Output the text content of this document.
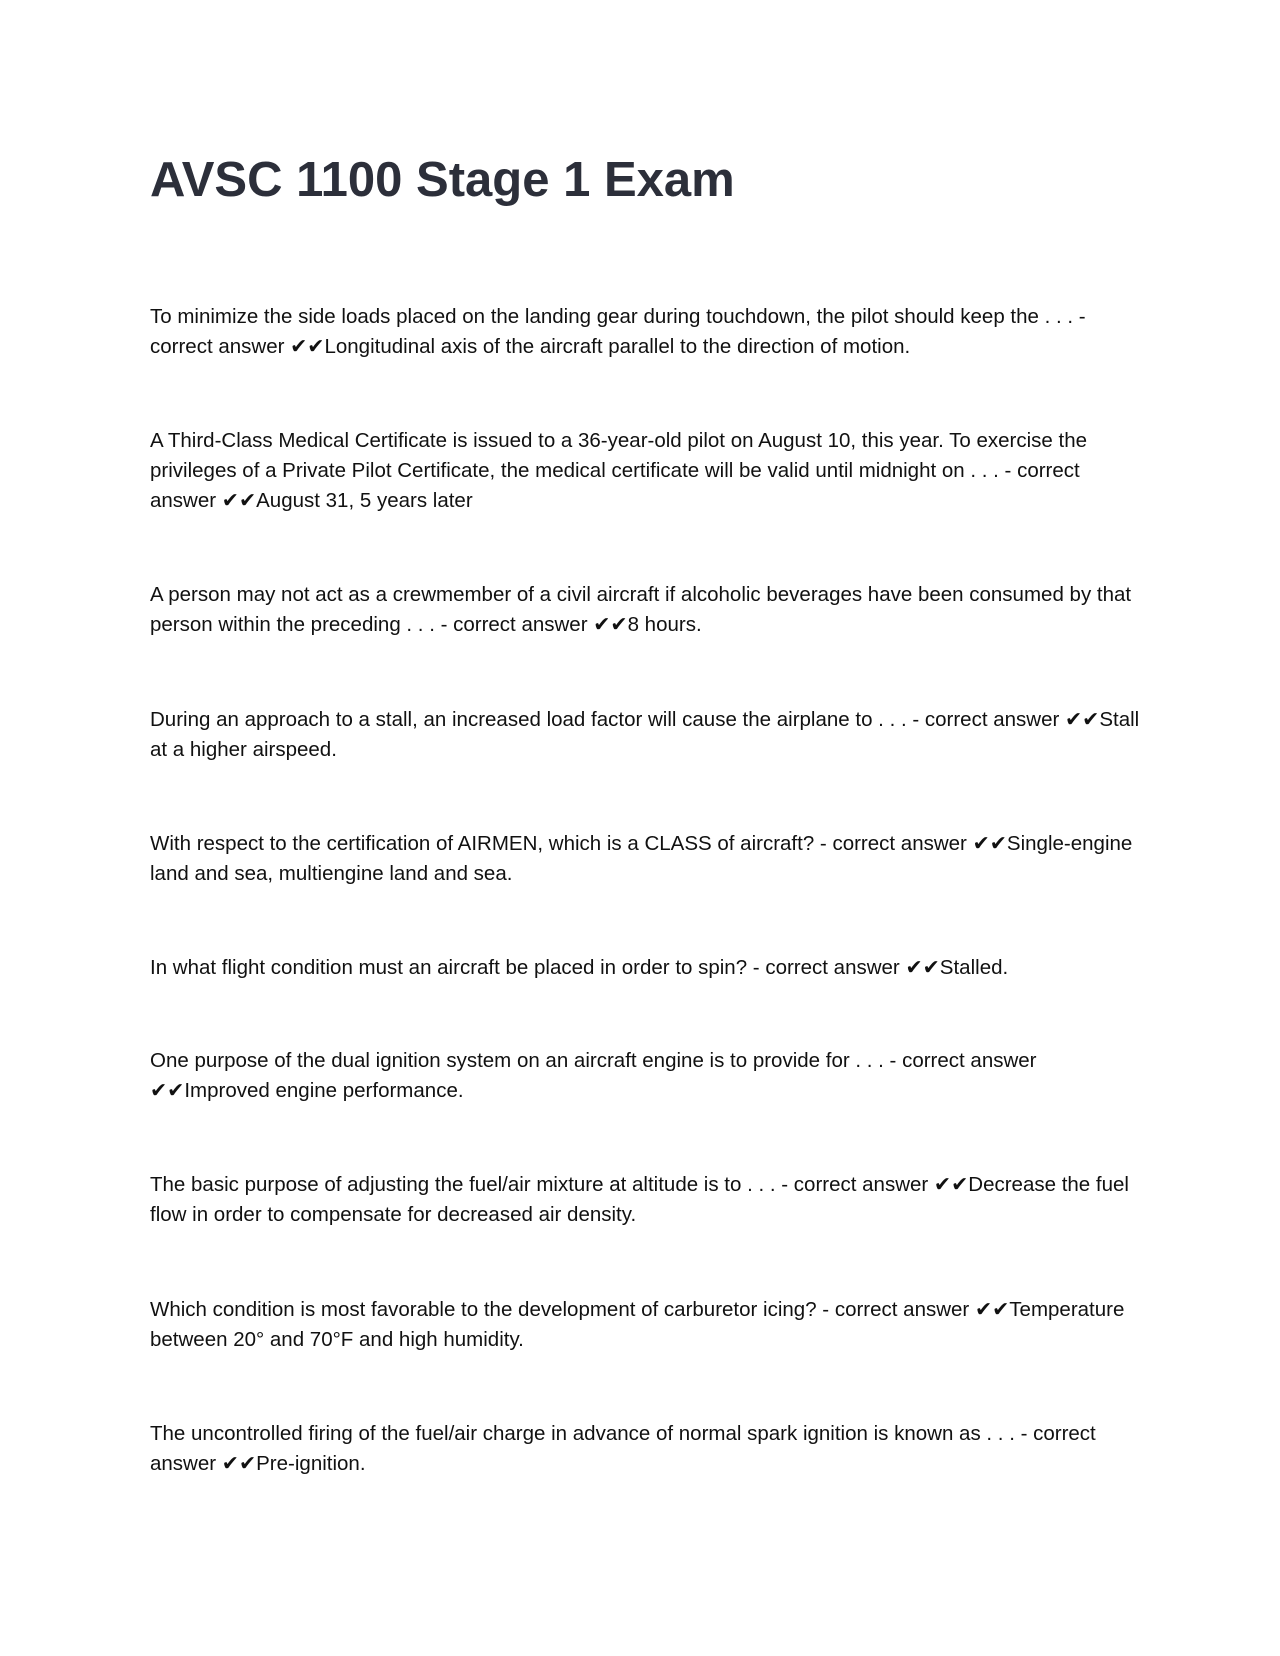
AVSC 1100 Stage 1 Exam

To minimize the side loads placed on the landing gear during touchdown, the pilot should keep the . . . - correct answer ✔✔Longitudinal axis of the aircraft parallel to the direction of motion.

A Third-Class Medical Certificate is issued to a 36-year-old pilot on August 10, this year. To exercise the privileges of a Private Pilot Certificate, the medical certificate will be valid until midnight on . . . - correct answer ✔✔August 31, 5 years later

A person may not act as a crewmember of a civil aircraft if alcoholic beverages have been consumed by that person within the preceding . . . - correct answer ✔✔8 hours.

During an approach to a stall, an increased load factor will cause the airplane to . . . - correct answer ✔✔Stall at a higher airspeed.

With respect to the certification of AIRMEN, which is a CLASS of aircraft? - correct answer ✔✔Single-engine land and sea, multiengine land and sea.

In what flight condition must an aircraft be placed in order to spin? - correct answer ✔✔Stalled.

One purpose of the dual ignition system on an aircraft engine is to provide for . . . - correct answer ✔✔Improved engine performance.

The basic purpose of adjusting the fuel/air mixture at altitude is to . . . - correct answer ✔✔Decrease the fuel flow in order to compensate for decreased air density.

Which condition is most favorable to the development of carburetor icing? - correct answer ✔✔Temperature between 20° and 70°F and high humidity.

The uncontrolled firing of the fuel/air charge in advance of normal spark ignition is known as . . . - correct answer ✔✔Pre-ignition.
